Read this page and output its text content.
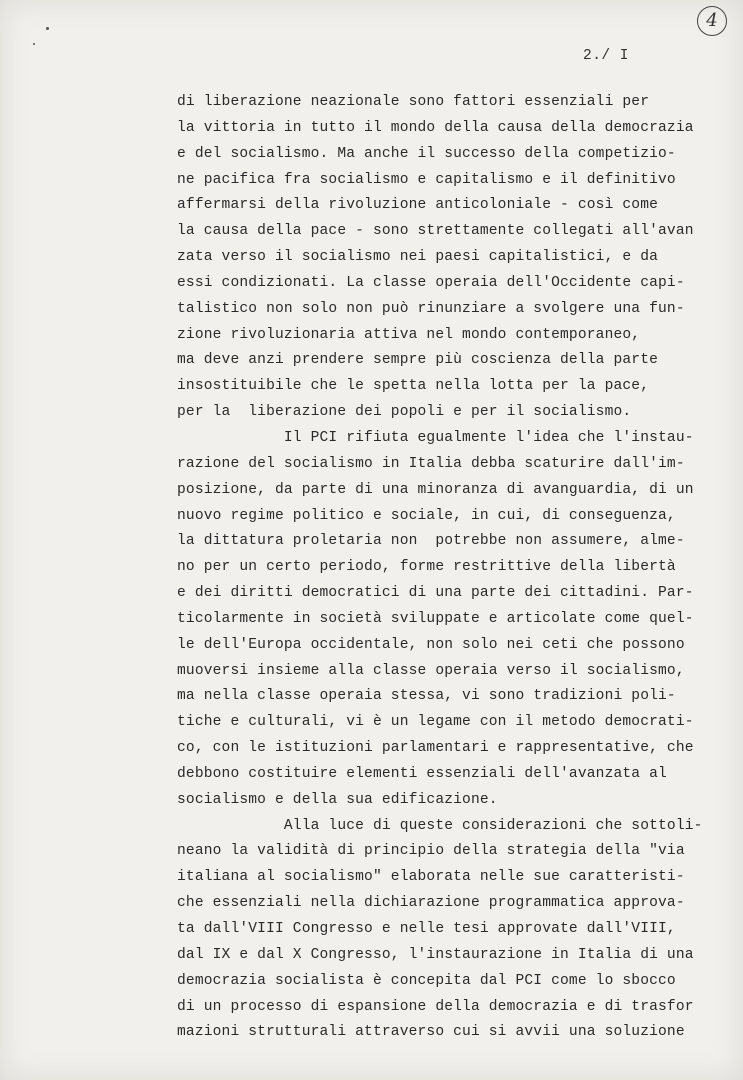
4
2./ I
di liberazione neazionale sono fattori essenziali per
la vittoria in tutto il mondo della causa della democrazia
e del socialismo. Ma anche il successo della competizio-
ne pacifica fra socialismo e capitalismo e il definitivo
affermarsi della rivoluzione anticoloniale - così come
la causa della pace - sono strettamente collegati all'avan
zata verso il socialismo nei paesi capitalistici, e da
essi condizionati. La classe operaia dell'Occidente capi-
talistico non solo non può rinunziare a svolgere una fun-
zione rivoluzionaria attiva nel mondo contemporaneo,
ma deve anzi prendere sempre più coscienza della parte
insostituibile che le spetta nella lotta per la pace,
per la  liberazione dei popoli e per il socialismo.
Il PCI rifiuta egualmente l'idea che l'instau-
razione del socialismo in Italia debba scaturire dall'im-
posizione, da parte di una minoranza di avanguardia, di un
nuovo regime politico e sociale, in cui, di conseguenza,
la dittatura proletaria non  potrebbe non assumere, alme-
no per un certo periodo, forme restrittive della libertà
e dei diritti democratici di una parte dei cittadini. Par-
ticolarmente in società sviluppate e articolate come quel-
le dell'Europa occidentale, non solo nei ceti che possono
muoversi insieme alla classe operaia verso il socialismo,
ma nella classe operaia stessa, vi sono tradizioni poli-
tiche e culturali, vi è un legame con il metodo democrati-
co, con le istituzioni parlamentari e rappresentative, che
debbono costituire elementi essenziali dell'avanzata al
socialismo e della sua edificazione.
Alla luce di queste considerazioni che sottoli-
neano la validità di principio della strategia della "via
italiana al socialismo" elaborata nelle sue caratteristi-
che essenziali nella dichiarazione programmatica approva-
ta dall'VIII Congresso e nelle tesi approvate dall'VIII,
dal IX e dal X Congresso, l'instaurazione in Italia di una
democrazia socialista è concepita dal PCI come lo sbocco
di un processo di espansione della democrazia e di trasfor
mazioni strutturali attraverso cui si avvii una soluzione
